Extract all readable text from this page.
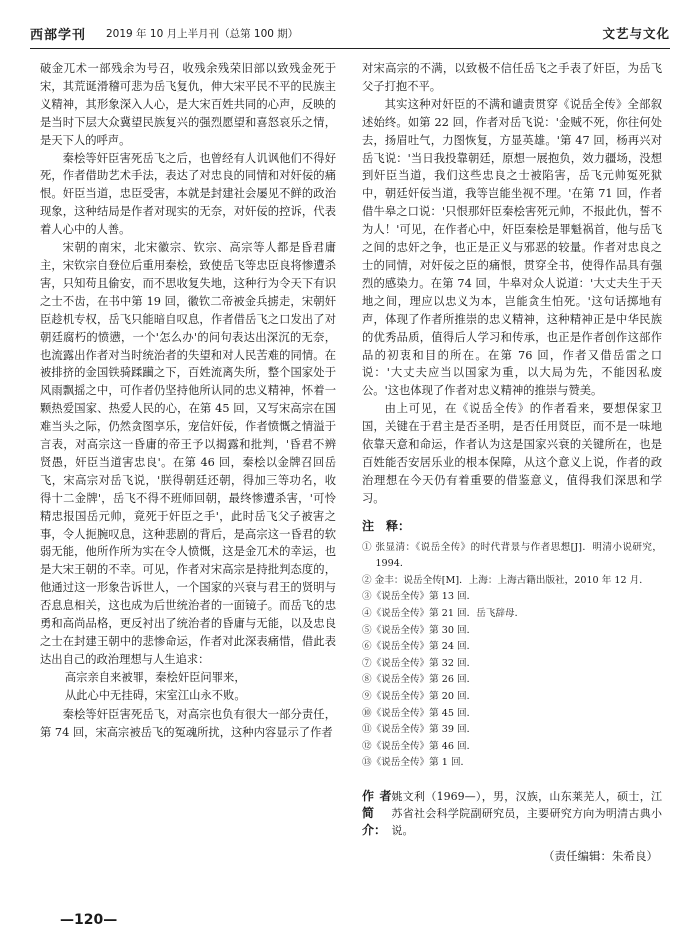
西部学刊 2019 年 10 月上半月刊（总第 100 期）	文艺与文化

破金兀术一部残余为号召，收残余残荣旧部以致残金死于宋，其荒诞滑稽可悲为岳飞复仇，伸大宋平民不平的民族主义精神，其形象深入人心，是大宋百姓共同的心声，反映的是当时下层大众冀望民族复兴的强烈愿望和喜怒哀乐之情，是天下人的呼声。

秦桧等奸臣害死岳飞之后，也曾经有人讥讽他们不得好死，作者借助艺术手法，表达了对忠良的同情和对奸佞的痛恨。奸臣当道，忠臣受害，本就是封建社会屡见不鲜的政治现象，这种结局是作者对现实的无奈，对奸佞的控诉，代表着人心中的人善。

宋朝的南宋，北宋徽宗、钦宗、高宗等人都是昏君庸主，宋钦宗自登位后重用秦桧，致使岳飞等忠臣良将惨遭杀害，只知苟且偷安，而不思收复失地，这种行为令天下有识之士不齿，在书中第 19 回，徽钦二帝被金兵掳走，宋朝奸臣趁机专权，岳飞只能暗自叹息，作者借岳飞之口发出了对朝廷腐朽的愤懑，一个'怎么办'的问句表达出深沉的无奈，也流露出作者对当时统治者的失望和对人民苦难的同情。在被排挤的金国铁骑蹂躏之下，百姓流离失所，整个国家处于风雨飘摇之中，可作者仍坚持他所认同的忠义精神，怀着一颗热爱国家、热爱人民的心，在第 45 回，又写宋高宗在国难当头之际，仍然贪图享乐，宠信奸佞，作者愤慨之情溢于言表，对高宗这一昏庸的帝王予以揭露和批判，'昏君不辨贤愚，奸臣当道害忠良'。在第 46 回，秦桧以金牌召回岳飞，宋高宗对岳飞说，'朕得朝廷还朝，得加三等功名，收得十二金牌'，岳飞不得不班师回朝，最终惨遭杀害，'可怜精忠报国岳元帅，竟死于奸臣之手'，此时岳飞父子被害之事，令人扼腕叹息，这种悲剧的背后，是高宗这一昏君的软弱无能，他所作所为实在令人愤慨，这是金兀术的幸运，也是大宋王朝的不幸。可见，作者对宋高宗是持批判态度的，他通过这一形象告诉世人，一个国家的兴衰与君王的贤明与否息息相关，这也成为后世统治者的一面镜子。而岳飞的忠勇和高尚品格，更反衬出了统治者的昏庸与无能，以及忠良之士在封建王朝中的悲惨命运，作者对此深表痛惜，借此表达出自己的政治理想与人生追求：

高宗亲自来被罪，秦桧奸臣问罪来，
从此心中无挂碍，宋室江山永不败。

秦桧等奸臣害死岳飞，对高宗也负有很大一部分责任，第 74 回，宋高宗被岳飞的冤魂所扰，这种内容显示了作者

对宋高宗的不满，以致极不信任岳飞之手表了奸臣，为岳飞父子打抱不平。

其实这种对奸臣的不满和谴责贯穿《说岳全传》全部叙述始终。如第 22 回，作者对岳飞说：'金贼不死，你往何处去，扬眉吐气，力图恢复，方显英雄。'第 47 回，杨再兴对岳飞说：'当日我投靠朝廷，原想一展抱负，效力疆场，没想到奸臣当道，我们这些忠良之士被陷害，岳飞元帅冤死狱中，朝廷奸佞当道，我等岂能坐视不理。'在第 71 回，作者借牛皋之口说：'只恨那奸臣秦桧害死元帅，不报此仇，誓不为人！'可见，在作者心中，奸臣秦桧是罪魁祸首，他与岳飞之间的忠奸之争，也正是正义与邪恶的较量。作者对忠良之士的同情，对奸佞之臣的痛恨，贯穿全书，使得作品具有强烈的感染力。在第 74 回，牛皋对众人说道：'大丈夫生于天地之间，理应以忠义为本，岂能贪生怕死。'这句话掷地有声，体现了作者所推崇的忠义精神，这种精神正是中华民族的优秀品质，值得后人学习和传承，也正是作者创作这部作品的初衷和目的所在。在第 76 回，作者又借岳雷之口说：'大丈夫应当以国家为重，以大局为先，不能因私废公。'这也体现了作者对忠义精神的推崇与赞美。

由上可见，在《说岳全传》的作者看来，要想保家卫国，关键在于君主是否圣明，是否任用贤臣，而不是一味地依靠天意和命运，作者认为这是国家兴衰的关键所在，也是百姓能否安居乐业的根本保障，从这个意义上说，作者的政治理想在今天仍有着重要的借鉴意义，值得我们深思和学习。

注　释：
① 张显清：《说岳全传》的时代背景与作者思想[J]．明清小说研究，1994．
② 金丰：说岳全传[M]．上海：上海古籍出版社，2010 年 12 月．
③《说岳全传》第 13 回．
④《说岳全传》第 21 回．岳飞辞母．
⑤《说岳全传》第 30 回．
⑥《说岳全传》第 24 回．
⑦《说岳全传》第 32 回．
⑧《说岳全传》第 26 回．
⑨《说岳全传》第 20 回．
⑩《说岳全传》第 45 回．
⑪《说岳全传》第 39 回．
⑫《说岳全传》第 46 回．
⑬《说岳全传》第 1 回．
作者简介：
姚文利（1969—），男，汉族，山东莱芜人，硕士，江苏省社会科学院副研究员，主要研究方向为明清古典小说。
（责任编辑：朱希良）
—120—
